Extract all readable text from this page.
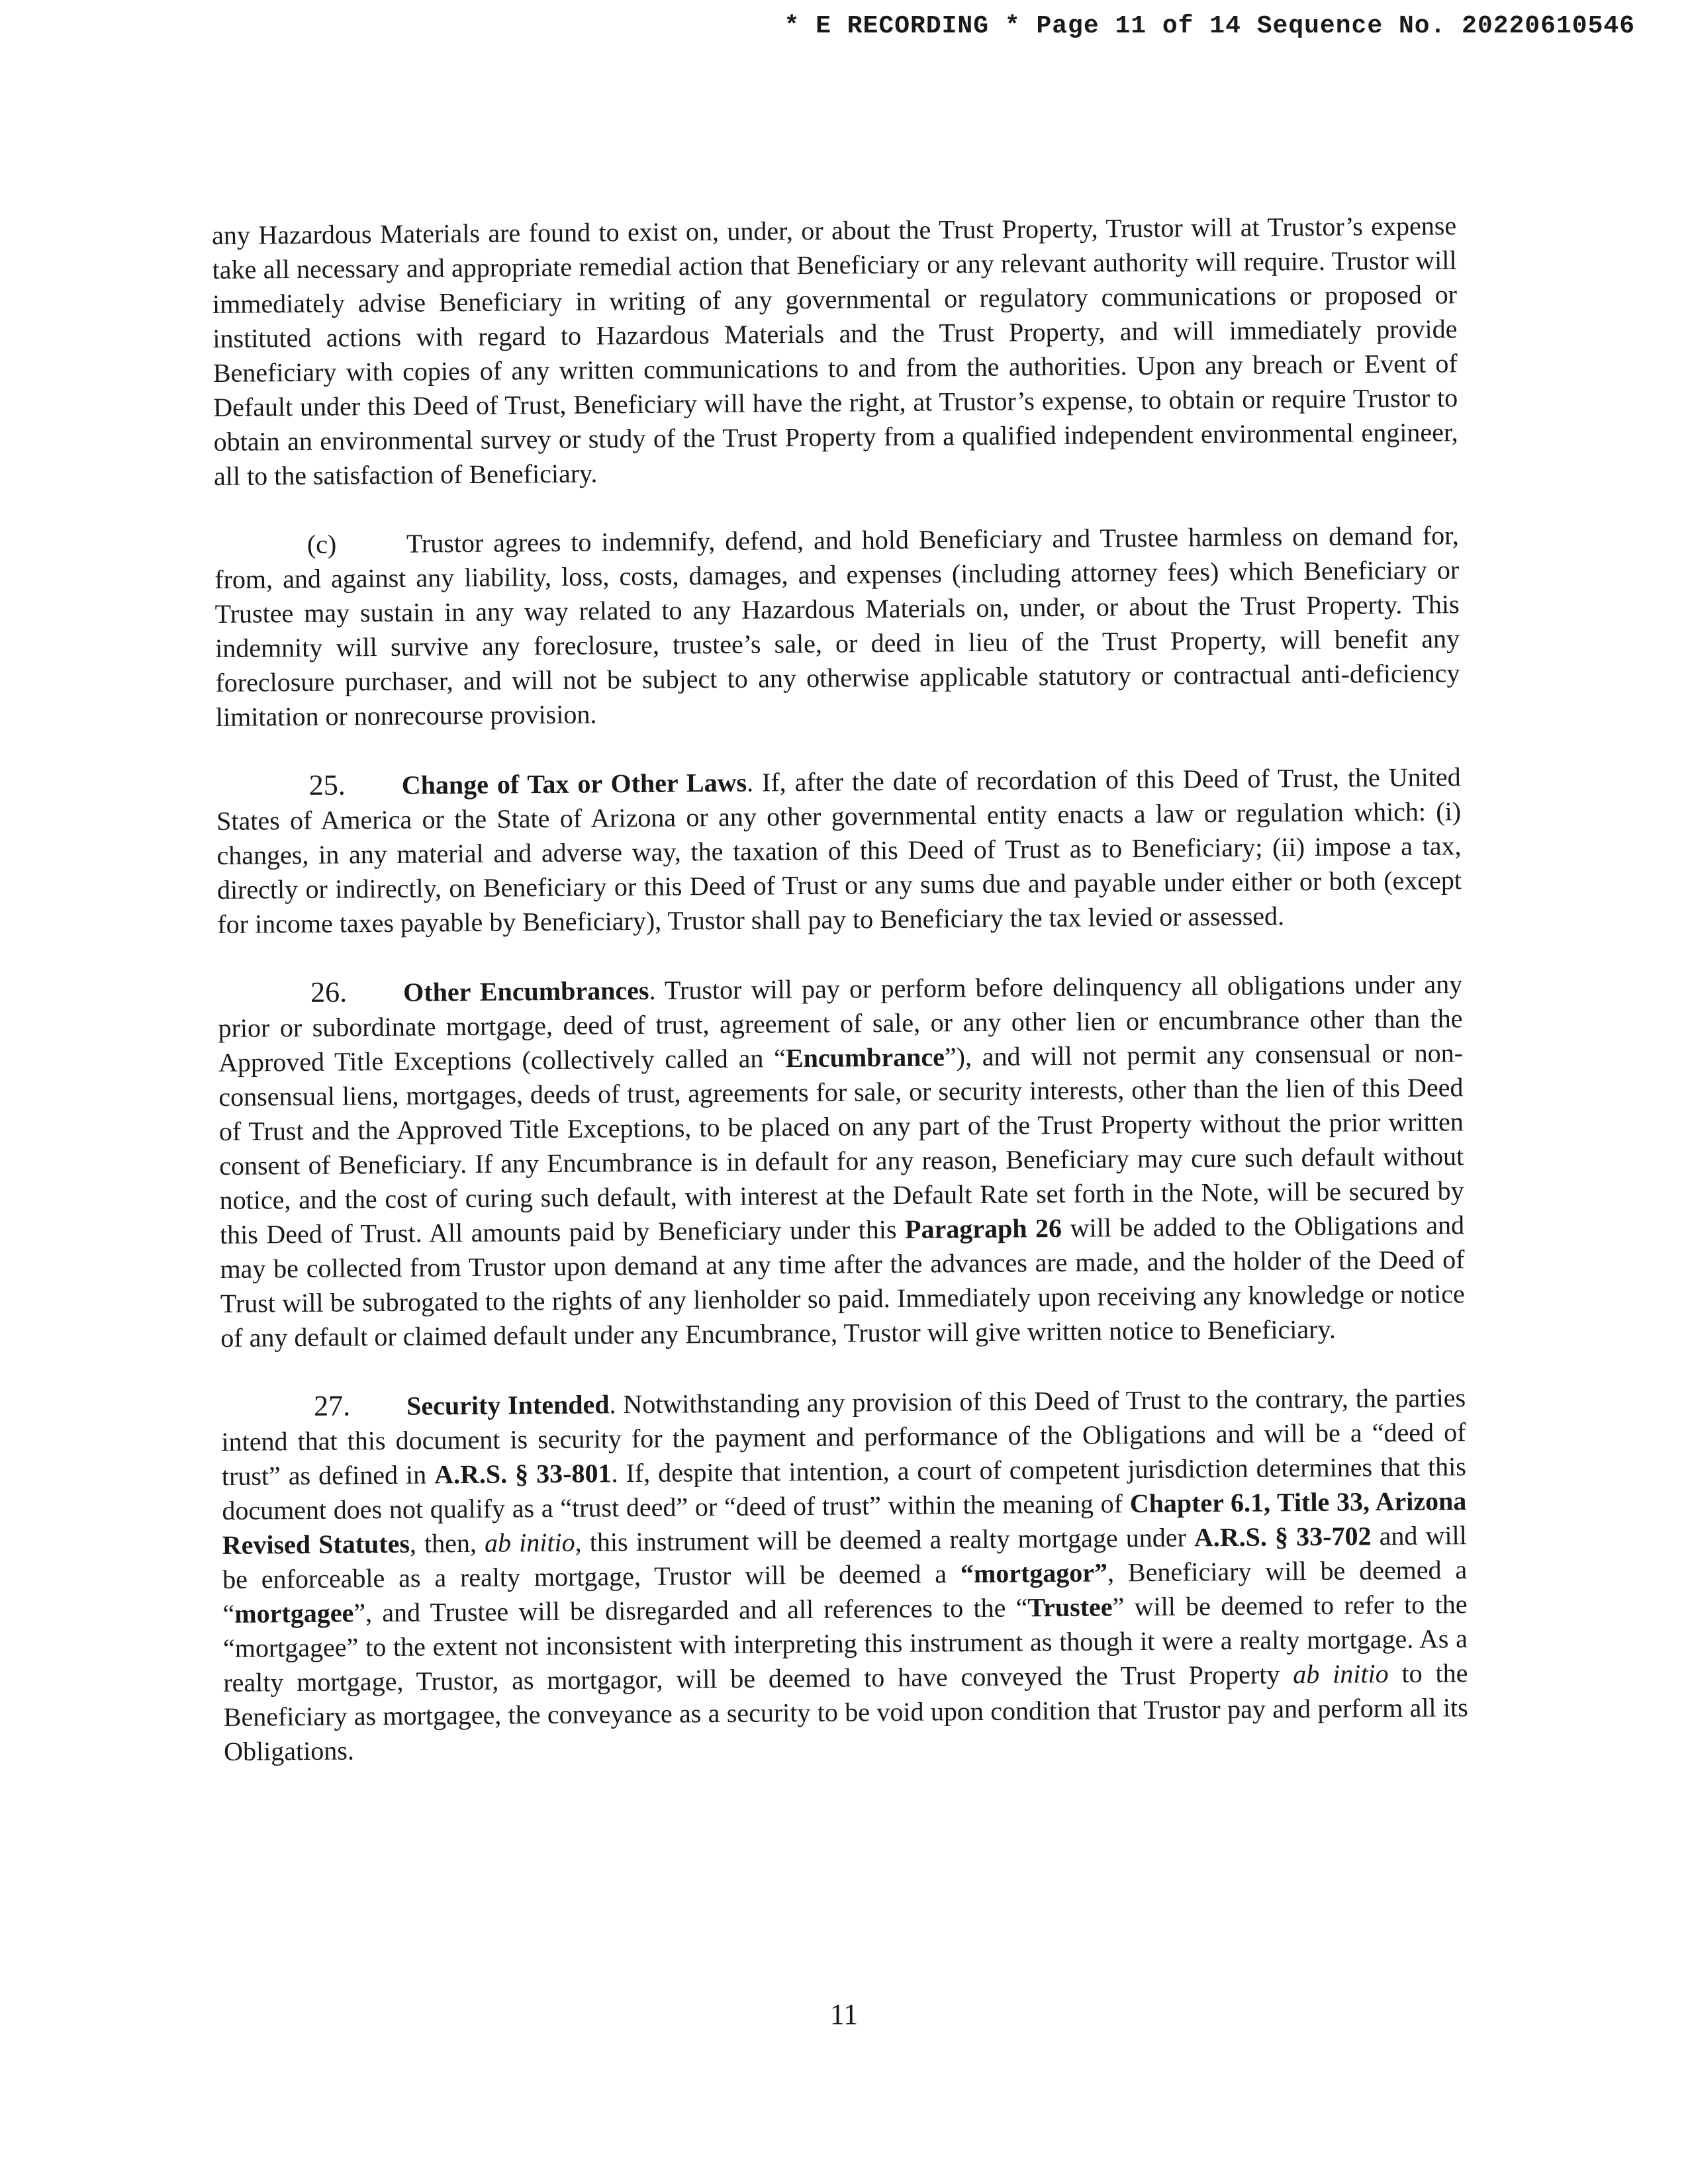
* E RECORDING * Page 11 of 14 Sequence No. 20220610546

any Hazardous Materials are found to exist on, under, or about the Trust Property, Trustor will at Trustor’s expense take all necessary and appropriate remedial action that Beneficiary or any relevant authority will require. Trustor will immediately advise Beneficiary in writing of any governmental or regulatory communications or proposed or instituted actions with regard to Hazardous Materials and the Trust Property, and will immediately provide Beneficiary with copies of any written communications to and from the authorities. Upon any breach or Event of Default under this Deed of Trust, Beneficiary will have the right, at Trustor’s expense, to obtain or require Trustor to obtain an environmental survey or study of the Trust Property from a qualified independent environmental engineer, all to the satisfaction of Beneficiary.

(c)	Trustor agrees to indemnify, defend, and hold Beneficiary and Trustee harmless on demand for, from, and against any liability, loss, costs, damages, and expenses (including attorney fees) which Beneficiary or Trustee may sustain in any way related to any Hazardous Materials on, under, or about the Trust Property. This indemnity will survive any foreclosure, trustee’s sale, or deed in lieu of the Trust Property, will benefit any foreclosure purchaser, and will not be subject to any otherwise applicable statutory or contractual anti-deficiency limitation or nonrecourse provision.

25. Change of Tax or Other Laws. If, after the date of recordation of this Deed of Trust, the United States of America or the State of Arizona or any other governmental entity enacts a law or regulation which: (i) changes, in any material and adverse way, the taxation of this Deed of Trust as to Beneficiary; (ii) impose a tax, directly or indirectly, on Beneficiary or this Deed of Trust or any sums due and payable under either or both (except for income taxes payable by Beneficiary), Trustor shall pay to Beneficiary the tax levied or assessed.

26. Other Encumbrances. Trustor will pay or perform before delinquency all obligations under any prior or subordinate mortgage, deed of trust, agreement of sale, or any other lien or encumbrance other than the Approved Title Exceptions (collectively called an “Encumbrance”), and will not permit any consensual or non-consensual liens, mortgages, deeds of trust, agreements for sale, or security interests, other than the lien of this Deed of Trust and the Approved Title Exceptions, to be placed on any part of the Trust Property without the prior written consent of Beneficiary. If any Encumbrance is in default for any reason, Beneficiary may cure such default without notice, and the cost of curing such default, with interest at the Default Rate set forth in the Note, will be secured by this Deed of Trust. All amounts paid by Beneficiary under this Paragraph 26 will be added to the Obligations and may be collected from Trustor upon demand at any time after the advances are made, and the holder of the Deed of Trust will be subrogated to the rights of any lienholder so paid. Immediately upon receiving any knowledge or notice of any default or claimed default under any Encumbrance, Trustor will give written notice to Beneficiary.

27. Security Intended. Notwithstanding any provision of this Deed of Trust to the contrary, the parties intend that this document is security for the payment and performance of the Obligations and will be a “deed of trust” as defined in A.R.S. § 33-801. If, despite that intention, a court of competent jurisdiction determines that this document does not qualify as a “trust deed” or “deed of trust” within the meaning of Chapter 6.1, Title 33, Arizona Revised Statutes, then, ab initio, this instrument will be deemed a realty mortgage under A.R.S. § 33-702 and will be enforceable as a realty mortgage, Trustor will be deemed a “mortgagor”, Beneficiary will be deemed a “mortgagee”, and Trustee will be disregarded and all references to the “Trustee” will be deemed to refer to the “mortgagee” to the extent not inconsistent with interpreting this instrument as though it were a realty mortgage. As a realty mortgage, Trustor, as mortgagor, will be deemed to have conveyed the Trust Property ab initio to the Beneficiary as mortgagee, the conveyance as a security to be void upon condition that Trustor pay and perform all its Obligations.

11
